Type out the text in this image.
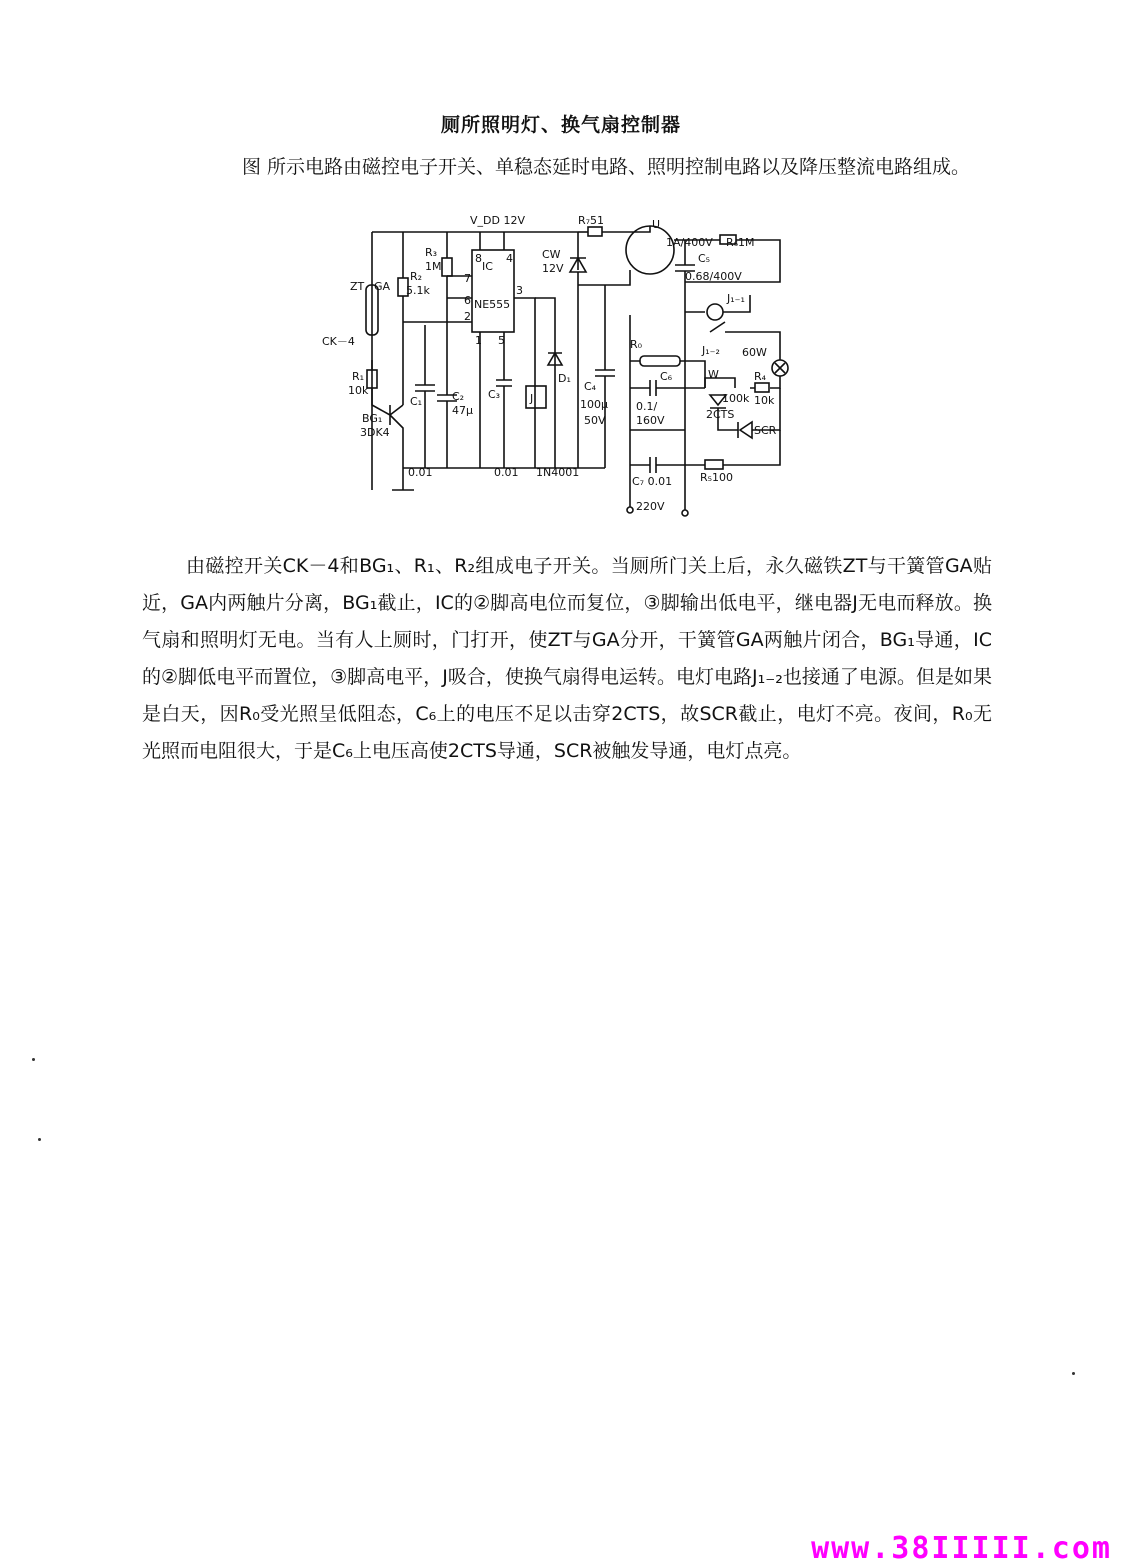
厕所照明灯、换气扇控制器
图 所示电路由磁控电子开关、单稳态延时电路、照明控制电路以及降压整流电路组成。
V_DD 12V	R₇51
CW
12V
U
1A/400V R₆1M
C₅
0.68/400V
J₁₋₁
J₁₋₂ 60W
ZT GA
CK－4
R₂
5.1k
R₃
1M	IC
NE555
8 4
7
6
2
3
1 5
R₁
10k
BG₁
3DK4
C₁	C₂
47μ
C₃	J
D₁
C₄
100μ
50V
R₀
C₆
0.1/
160V
W
100k
R₄
10k
2CTS
SCR
C₇ 0.01	R₅100
0.01	0.01 1N4001
220V
由磁控开关CK－4和BG₁、R₁、R₂组成电子开关。当厕所门关上后，永久磁铁ZT与干簧管GA贴近，GA内两触片分离，BG₁截止，IC的②脚高电位而复位，③脚输出低电平，继电器J无电而释放。换气扇和照明灯无电。当有人上厕时，门打开，使ZT与GA分开，干簧管GA两触片闭合，BG₁导通，IC的②脚低电平而置位，③脚高电平，J吸合，使换气扇得电运转。电灯电路J₁₋₂也接通了电源。但是如果是白天，因R₀受光照呈低阻态，C₆上的电压不足以击穿2CTS，故SCR截止，电灯不亮。夜间，R₀无光照而电阻很大，于是C₆上电压高使2CTS导通，SCR被触发导通，电灯点亮。
www.38IIIII.com
